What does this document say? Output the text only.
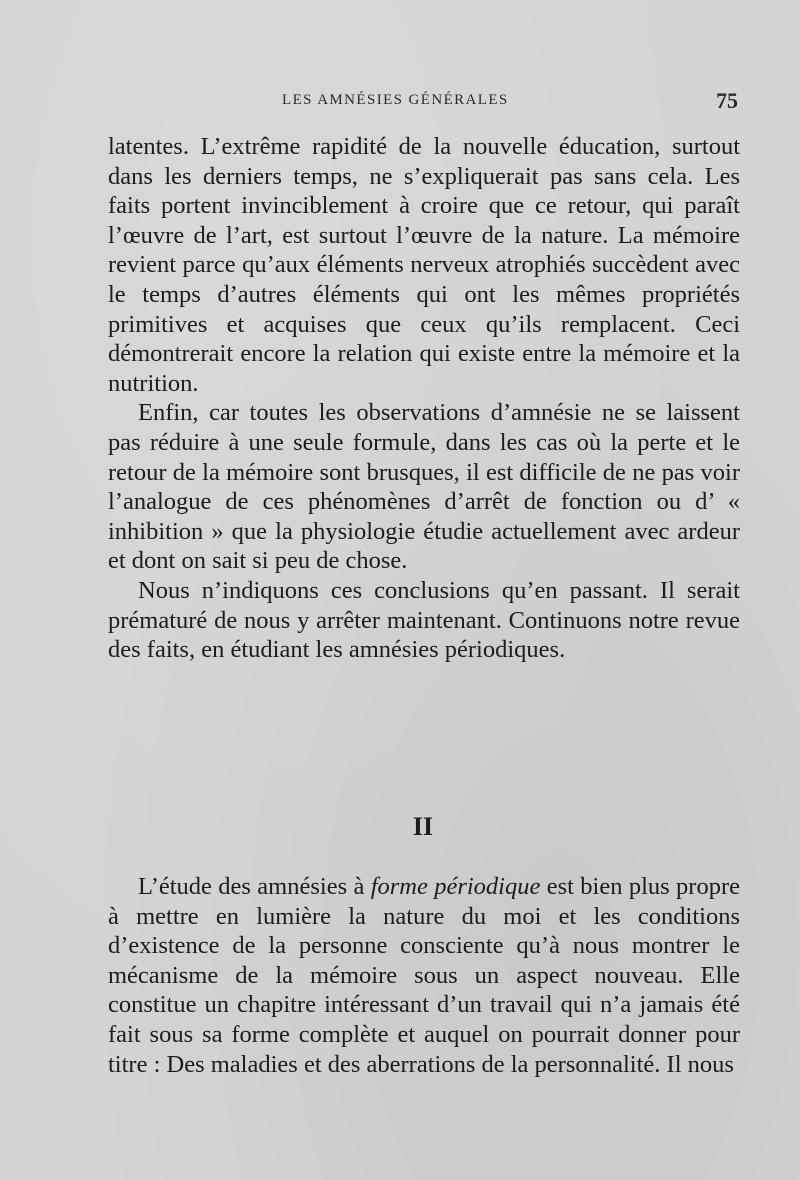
LES AMNÉSIES GÉNÉRALES	75

latentes. L’extrême rapidité de la nouvelle éducation, surtout dans les derniers temps, ne s’expliquerait pas sans cela. Les faits portent invinciblement à croire que ce retour, qui paraît l’œuvre de l’art, est surtout l’œuvre de la nature. La mémoire revient parce qu’aux éléments nerveux atrophiés succèdent avec le temps d’autres éléments qui ont les mêmes propriétés primitives et acquises que ceux qu’ils remplacent. Ceci démontrerait encore la relation qui existe entre la mémoire et la nutrition.

Enfin, car toutes les observations d’amnésie ne se laissent pas réduire à une seule formule, dans les cas où la perte et le retour de la mémoire sont brusques, il est difficile de ne pas voir l’analogue de ces phénomènes d’arrêt de fonction ou d’ « inhibition » que la physiologie étudie actuellement avec ardeur et dont on sait si peu de chose.

Nous n’indiquons ces conclusions qu’en passant. Il serait prématuré de nous y arrêter maintenant. Continuons notre revue des faits, en étudiant les amnésies périodiques.

II

L’étude des amnésies à forme périodique est bien plus propre à mettre en lumière la nature du moi et les conditions d’existence de la personne consciente qu’à nous montrer le mécanisme de la mémoire sous un aspect nouveau. Elle constitue un chapitre intéressant d’un travail qui n’a jamais été fait sous sa forme complète et auquel on pourrait donner pour titre : Des maladies et des aberrations de la personnalité. Il nous
